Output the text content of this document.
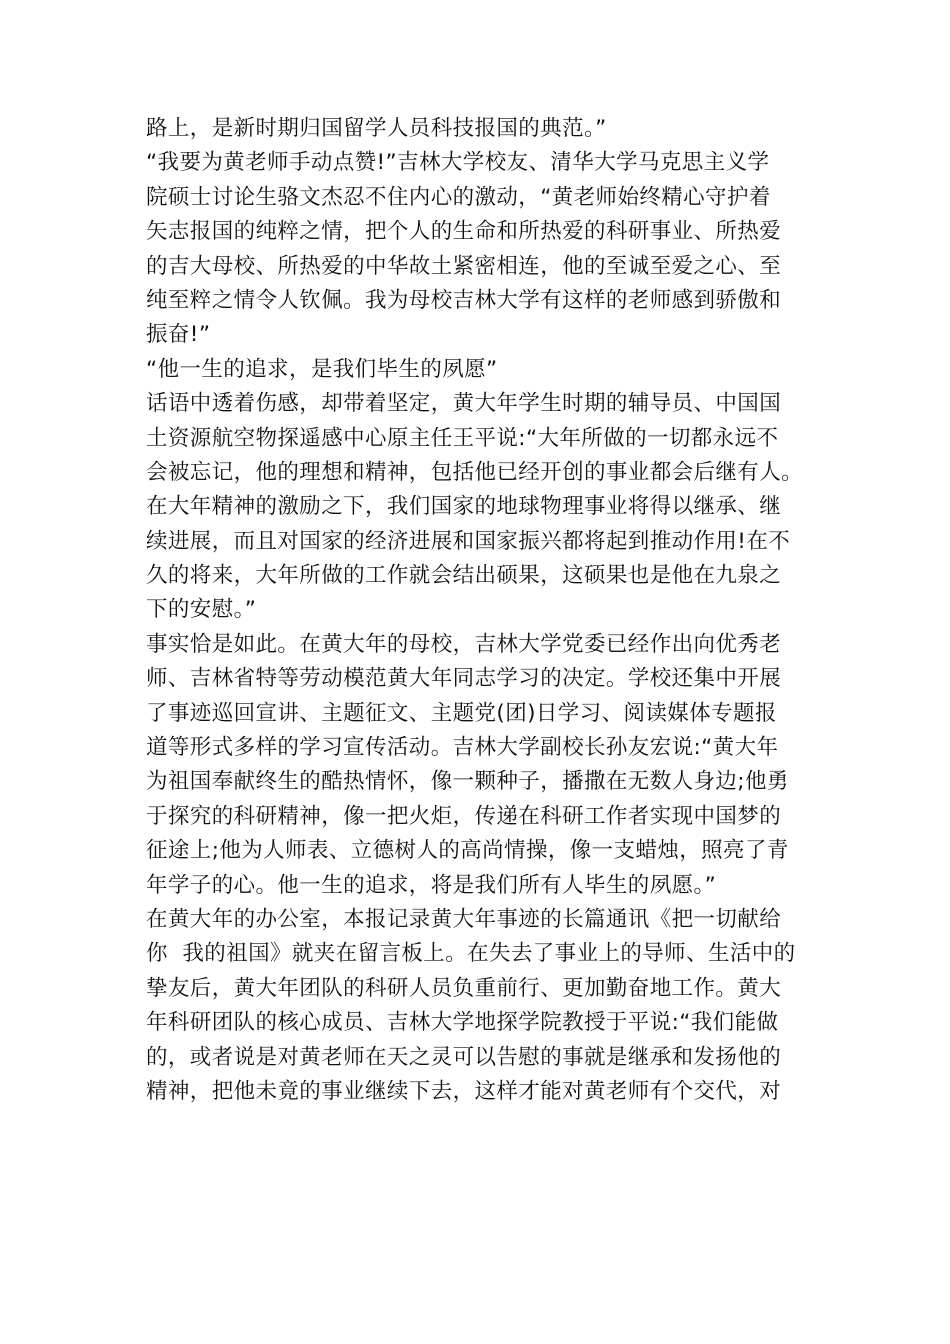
路上，是新时期归国留学人员科技报国的典范。”
“我要为黄老师手动点赞!”吉林大学校友、清华大学马克思主义学
院硕士讨论生骆文杰忍不住内心的激动，“黄老师始终精心守护着
矢志报国的纯粹之情，把个人的生命和所热爱的科研事业、所热爱
的吉大母校、所热爱的中华故土紧密相连，他的至诚至爱之心、至
纯至粹之情令人钦佩。我为母校吉林大学有这样的老师感到骄傲和
振奋!”
“他一生的追求，是我们毕生的夙愿”
话语中透着伤感，却带着坚定，黄大年学生时期的辅导员、中国国
土资源航空物探遥感中心原主任王平说:“大年所做的一切都永远不
会被忘记，他的理想和精神，包括他已经开创的事业都会后继有人。
在大年精神的激励之下，我们国家的地球物理事业将得以继承、继
续进展，而且对国家的经济进展和国家振兴都将起到推动作用!在不
久的将来，大年所做的工作就会结出硕果，这硕果也是他在九泉之
下的安慰。”
事实恰是如此。在黄大年的母校，吉林大学党委已经作出向优秀老
师、吉林省特等劳动模范黄大年同志学习的决定。学校还集中开展
了事迹巡回宣讲、主题征文、主题党(团)日学习、阅读媒体专题报
道等形式多样的学习宣传活动。吉林大学副校长孙友宏说:“黄大年
为祖国奉献终生的酷热情怀，像一颗种子，播撒在无数人身边;他勇
于探究的科研精神，像一把火炬，传递在科研工作者实现中国梦的
征途上;他为人师表、立德树人的高尚情操，像一支蜡烛，照亮了青
年学子的心。他一生的追求，将是我们所有人毕生的夙愿。”
在黄大年的办公室，本报记录黄大年事迹的长篇通讯《把一切献给
你  我的祖国》就夹在留言板上。在失去了事业上的导师、生活中的
挚友后，黄大年团队的科研人员负重前行、更加勤奋地工作。黄大
年科研团队的核心成员、吉林大学地探学院教授于平说:“我们能做
的，或者说是对黄老师在天之灵可以告慰的事就是继承和发扬他的
精神，把他未竟的事业继续下去，这样才能对黄老师有个交代，对
